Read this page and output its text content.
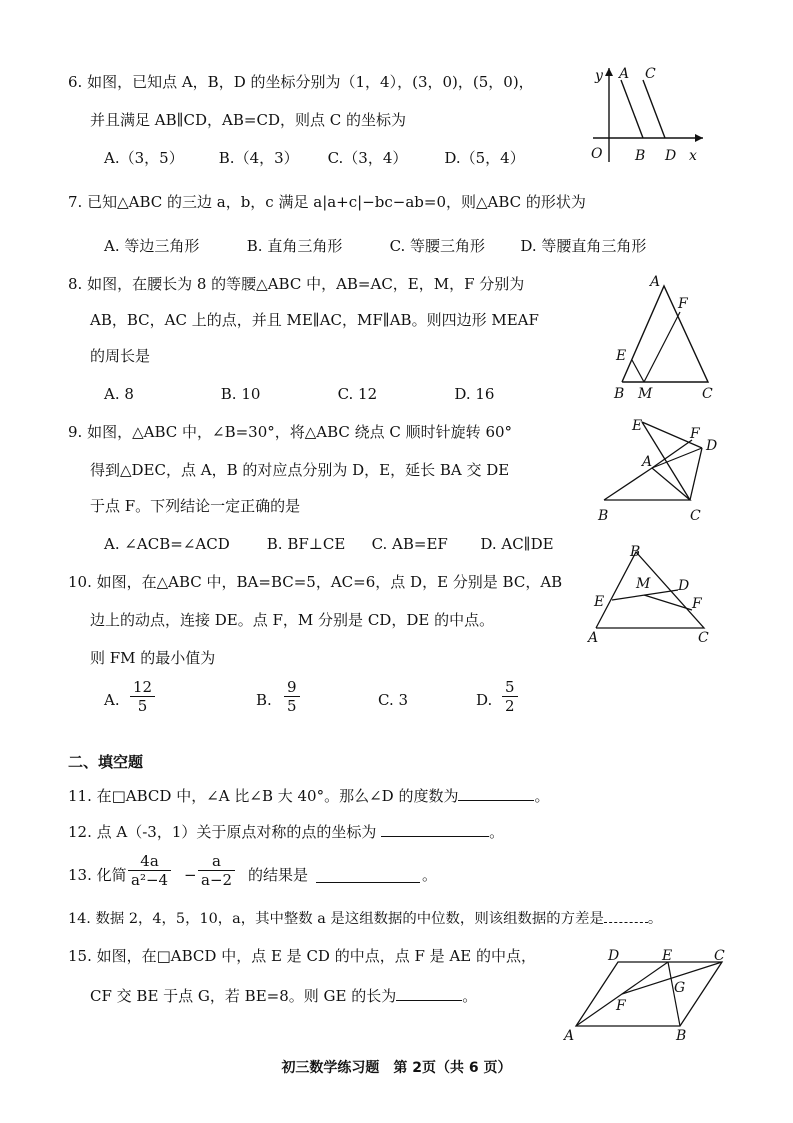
6. 如图，已知点 A，B，D 的坐标分别为（1，4），(3，0)，(5，0)，
并且满足 AB∥CD，AB=CD，则点 C 的坐标为
A.（3，5） B.（4，3） C.（3，4） D.（5，4）
y A C
O B D x
7. 已知△ABC 的三边 a，b，c 满足 a|a+c|−bc−ab=0，则△ABC 的形状为
A. 等边三角形	B. 直角三角形	C. 等腰三角形 D. 等腰直角三角形
8. 如图，在腰长为 8 的等腰△ABC 中，AB=AC，E，M，F 分别为
AB，BC，AC 上的点，并且 ME∥AC，MF∥AB。则四边形 MEAF
的周长是
A. 8	B. 10	C. 12	D. 16
A
F
E
B M	C
9. 如图，△ABC 中，∠B=30°，将△ABC 绕点 C 顺时针旋转 60°
得到△DEC，点 A，B 的对应点分别为 D，E，延长 BA 交 DE
于点 F。下列结论一定正确的是
A. ∠ACB=∠ACD B. BF⊥CE C. AB=EF D. AC∥DE
E	F
D
A
B	C
10. 如图，在△ABC 中，BA=BC=5，AC=6，点 D，E 分别是 BC，AB
边上的动点，连接 DE。点 F，M 分别是 CD，DE 的中点。
则 FM 的最小值为
A. $\frac{12}{5}$	B. $\frac{9}{5}$	C. 3	D. $\frac{5}{2}$
B
M D
E	F
A	C
二、填空题
11. 在□ABCD 中，∠A 比∠B 大 40°。那么∠D 的度数为	。
12. 点 A（-3，1）关于原点对称的点的坐标为	。
13. 化简 $\frac{4a}{\text{a²−4}} - \frac{a}{a-2}$ 的结果是	。
14. 数据 2，4，5，10，a，其中整数 a 是这组数据的中位数，则该组数据的方差是	。
15. 如图，在□ABCD 中，点 E 是 CD 的中点，点 F 是 AE 的中点，
CF 交 BE 于点 G，若 BE=8。则 GE 的长为	。
D	E	C
G
F
A	B
初三数学练习题　第 2页（共 6 页）
